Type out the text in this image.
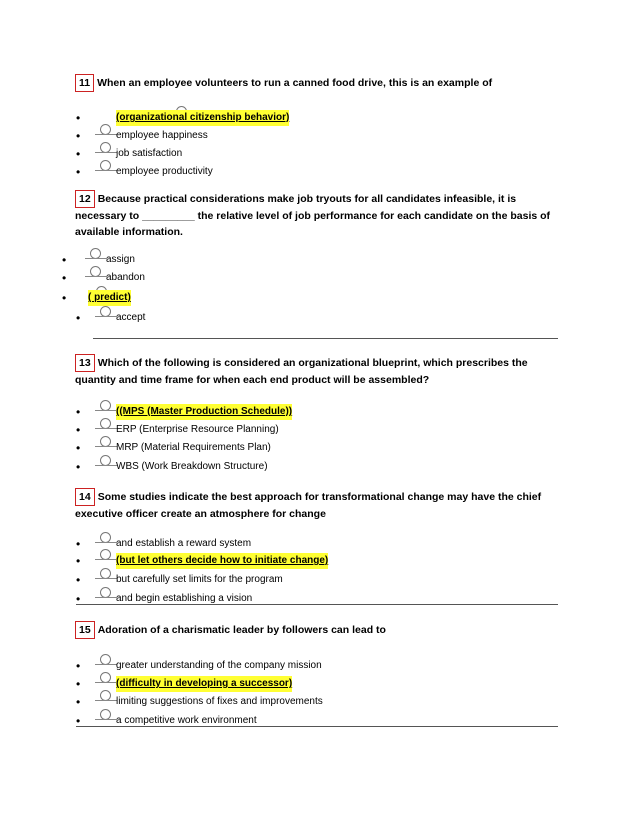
11 When an employee volunteers to run a canned food drive, this is an example of
•	(organizational citizenship behavior)
•	employee happiness
•	job satisfaction
•	employee productivity
12 Because practical considerations make job tryouts for all candidates infeasible, it is necessary to _________ the relative level of job performance for each candidate on the basis of available information.
•	assign
•	abandon
• ( predict)
•	accept
13 Which of the following is considered an organizational blueprint, which prescribes the quantity and time frame for when each end product will be assembled?
•	((MPS (Master Production Schedule))
•	ERP (Enterprise Resource Planning)
•	MRP (Material Requirements Plan)
•	WBS (Work Breakdown Structure)
14 Some studies indicate the best approach for transformational change may have the chief executive officer create an atmosphere for change
•	and establish a reward system
•	(but let others decide how to initiate change)
•	but carefully set limits for the program
•	and begin establishing a vision
15 Adoration of a charismatic leader by followers can lead to
•	greater understanding of the company mission
•	(difficulty in developing a successor)
•	limiting suggestions of fixes and improvements
•	a competitive work environment
